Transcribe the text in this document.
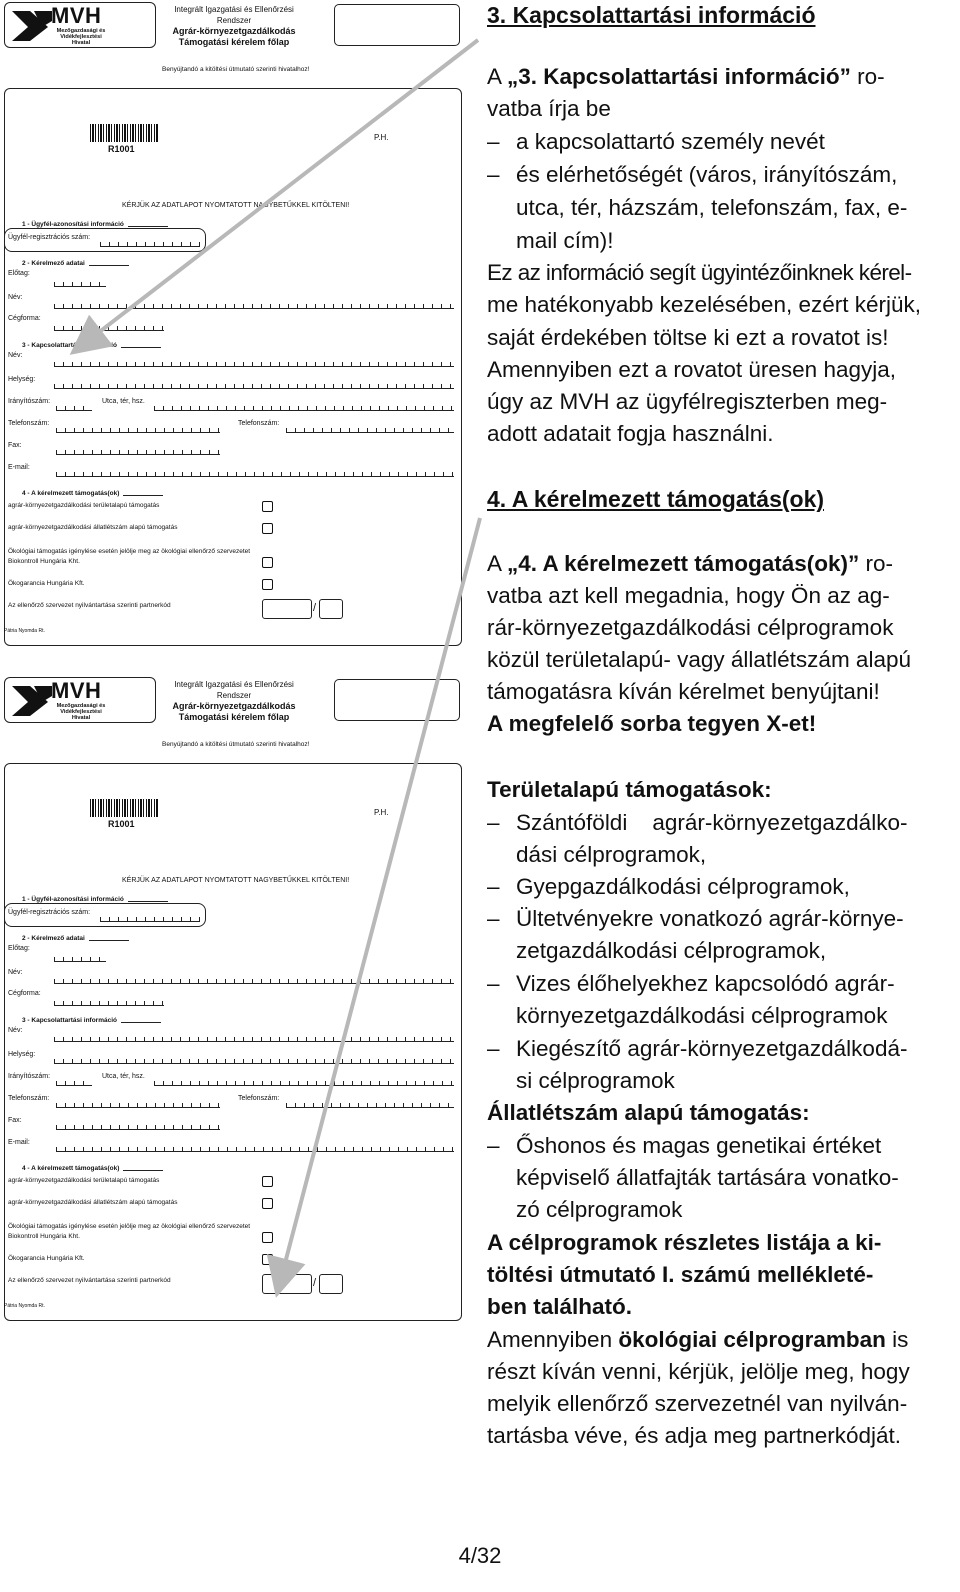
MVH
Mezőgazdasági és Vidékfejlesztési Hivatal
Integrált Igazgatási és Ellenőrzési Rendszer
Agrár-környezetgazdálkodás
Támogatási kérelem főlap
Benyújtandó a kitöltési útmutató szerinti hivatalhoz!
R1001
P.H.
KÉRJÜK AZ ADATLAPOT NYOMTATOTT NAGYBETŰKKEL KITÖLTENI!
1 - Ügyfél-azonosítási információ
Ügyfél-regisztrációs szám:
2 - Kérelmező adatai
Előtag:
Név:
Cégforma:
3 - Kapcsolattartási információ
Név:
Helység:
Irányítószám:	Utca, tér, hsz.
Telefonszám:	Telefonszám:
Fax:
E-mail:
4 - A kérelmezett támogatás(ok)
agrár-környezetgazdálkodási területalapú támogatás
agrár-környezetgazdálkodási állatlétszám alapú támogatás
Ökológiai támogatás igénylése esetén jelölje meg az ökológiai ellenőrző szervezetet
Biokontroll Hungária Kht.
Ökogarancia Hungária Kft.
Az ellenőrző szervezet nyilvántartása szerinti partnerkód	/
Pátria Nyomda Rt.
MVH
Mezőgazdasági és Vidékfejlesztési Hivatal
Integrált Igazgatási és Ellenőrzési Rendszer
Agrár-környezetgazdálkodás
Támogatási kérelem főlap
Benyújtandó a kitöltési útmutató szerinti hivatalhoz!
R1001
P.H.
KÉRJÜK AZ ADATLAPOT NYOMTATOTT NAGYBETŰKKEL KITÖLTENI!
1 - Ügyfél-azonosítási információ
Ügyfél-regisztrációs szám:
2 - Kérelmező adatai
Előtag:
Név:
Cégforma:
3 - Kapcsolattartási információ
Név:
Helység:
Irányítószám:	Utca, tér, hsz.
Telefonszám:	Telefonszám:
Fax:
E-mail:
4 - A kérelmezett támogatás(ok)
agrár-környezetgazdálkodási területalapú támogatás
agrár-környezetgazdálkodási állatlétszám alapú támogatás
Ökológiai támogatás igénylése esetén jelölje meg az ökológiai ellenőrző szervezetet
Biokontroll Hungária Kht.
Ökogarancia Hungária Kft.
Az ellenőrző szervezet nyilvántartása szerinti partnerkód	/
Pátria Nyomda Rt.
3. Kapcsolattartási információ
A „3. Kapcsolattartási információ” ro-
vatba írja be
– a kapcsolattartó személy nevét
– és elérhetőségét (város, irányítószám,
utca, tér, házszám, telefonszám, fax, e-
mail cím)!
Ez az információ segít ügyintézőinknek kérel-
me hatékonyabb kezelésében, ezért kérjük,
saját érdekében töltse ki ezt a rovatot is!
Amennyiben ezt a rovatot üresen hagyja,
úgy az MVH az ügyfélregiszterben meg-
adott adatait fogja használni.
4. A kérelmezett támogatás(ok)
A „4. A kérelmezett támogatás(ok)” ro-
vatba azt kell megadnia, hogy Ön az ag-
rár-környezetgazdálkodási célprogramok
közül területalapú- vagy állatlétszám alapú
támogatásra kíván kérelmet benyújtani!
A megfelelő sorba tegyen X-et!
Területalapú támogatások:
– Szántóföldi    agrár-környezetgazdálko-
dási célprogramok,
– Gyepgazdálkodási célprogramok,
– Ültetvényekre vonatkozó agrár-környe-
zetgazdálkodási célprogramok,
– Vizes élőhelyekhez kapcsolódó agrár-
környezetgazdálkodási célprogramok
– Kiegészítő agrár-környezetgazdálkodá-
si célprogramok
Állatlétszám alapú támogatás:
– Őshonos és magas genetikai értéket
képviselő állatfajták tartására vonatko-
zó célprogramok
A célprogramok részletes listája a ki-
töltési útmutató I. számú mellékleté-
ben található.
Amennyiben ökológiai célprogramban is
részt kíván venni, kérjük, jelölje meg, hogy
melyik ellenőrző szervezetnél van nyilván-
tartásba véve, és adja meg partnerkódját.
4/32
